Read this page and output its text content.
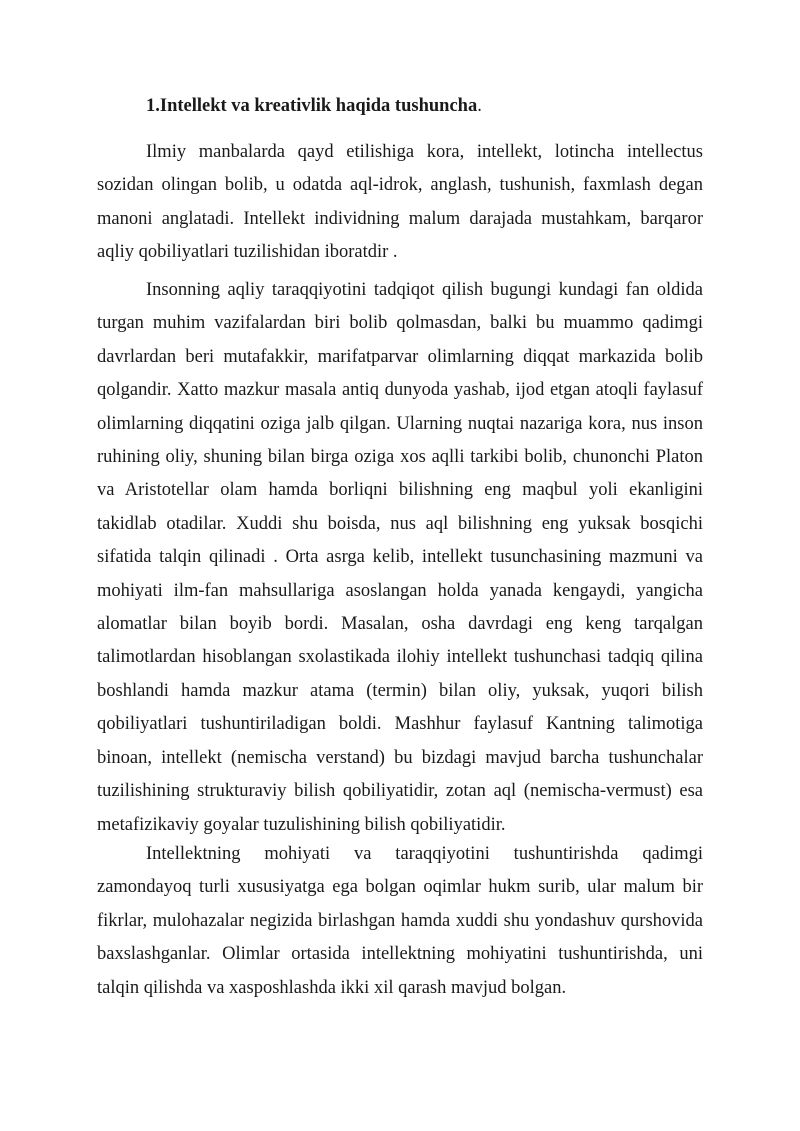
1.Intellekt va kreativlik haqida tushuncha.

Ilmiy manbalarda qayd etilishiga kora, intellekt, lotincha intellectus sozidan olingan bolib, u odatda aql-idrok, anglash, tushunish, faxmlash degan manoni anglatadi. Intellekt individning malum darajada mustahkam, barqaror aqliy qobiliyatlari tuzilishidan iboratdir .

Insonning aqliy taraqqiyotini tadqiqot qilish bugungi kundagi fan oldida turgan muhim vazifalardan biri bolib qolmasdan, balki bu muammo qadimgi davrlardan beri mutafakkir, marifatparvar olimlarning diqqat markazida bolib qolgandir. Xatto mazkur masala antiq dunyoda yashab, ijod etgan atoqli faylasuf olimlarning diqqatini oziga jalb qilgan. Ularning nuqtai nazariga kora, nus inson ruhining oliy, shuning bilan birga oziga xos aqlli tarkibi bolib, chunonchi Platon va Aristotellar olam hamda borliqni bilishning eng maqbul yoli ekanligini takidlab otadilar. Xuddi shu boisda, nus aql bilishning eng yuksak bosqichi sifatida talqin qilinadi . Orta asrga kelib, intellekt tusunchasining mazmuni va mohiyati ilm-fan mahsullariga asoslangan holda yanada kengaydi, yangicha alomatlar bilan boyib bordi. Masalan, osha davrdagi eng keng tarqalgan talimotlardan hisoblangan sxolastikada ilohiy intellekt tushunchasi tadqiq qilina boshlandi hamda mazkur atama (termin) bilan oliy, yuksak, yuqori bilish qobiliyatlari tushuntiriladigan boldi. Mashhur faylasuf Kantning talimotiga binoan, intellekt (nemischa verstand) bu bizdagi mavjud barcha tushunchalar tuzilishining strukturaviy bilish qobiliyatidir, zotan aql (nemischa-vermust) esa metafizikaviy goyalar tuzulishining bilish qobiliyatidir.

Intellektning mohiyati va taraqqiyotini tushuntirishda qadimgi zamondayoq turli xususiyatga ega bolgan oqimlar hukm surib, ular malum bir fikrlar, mulohazalar negizida birlashgan hamda xuddi shu yondashuv qurshovida baxslashganlar. Olimlar ortasida intellektning mohiyatini tushuntirishda, uni talqin qilishda va xasposhlashda ikki xil qarash mavjud bolgan.
